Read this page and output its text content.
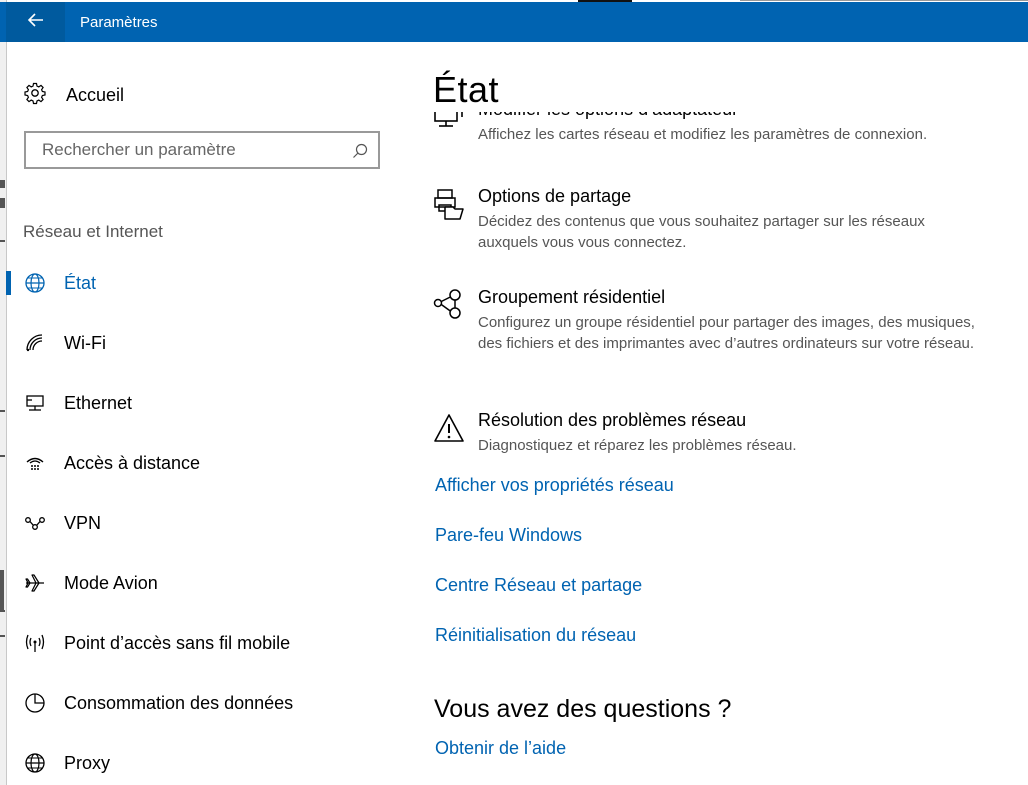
Paramètres
Accueil
Rechercher un paramètre
Réseau et Internet
État
Wi-Fi
Ethernet
Accès à distance
VPN
Mode Avion
Point d’accès sans fil mobile
Consommation des données
Proxy
Affichez les cartes réseau et modifiez les paramètres de connexion.
Options de partage
Décidez des contenus que vous souhaitez partager sur les réseaux auxquels vous vous connectez.
Groupement résidentiel
Configurez un groupe résidentiel pour partager des images, des musiques, des fichiers et des imprimantes avec d’autres ordinateurs sur votre réseau.
Résolution des problèmes réseau
Diagnostiquez et réparez les problèmes réseau.
Afficher vos propriétés réseau
Pare-feu Windows
Centre Réseau et partage
Réinitialisation du réseau
Vous avez des questions ?
Obtenir de l’aide
État
